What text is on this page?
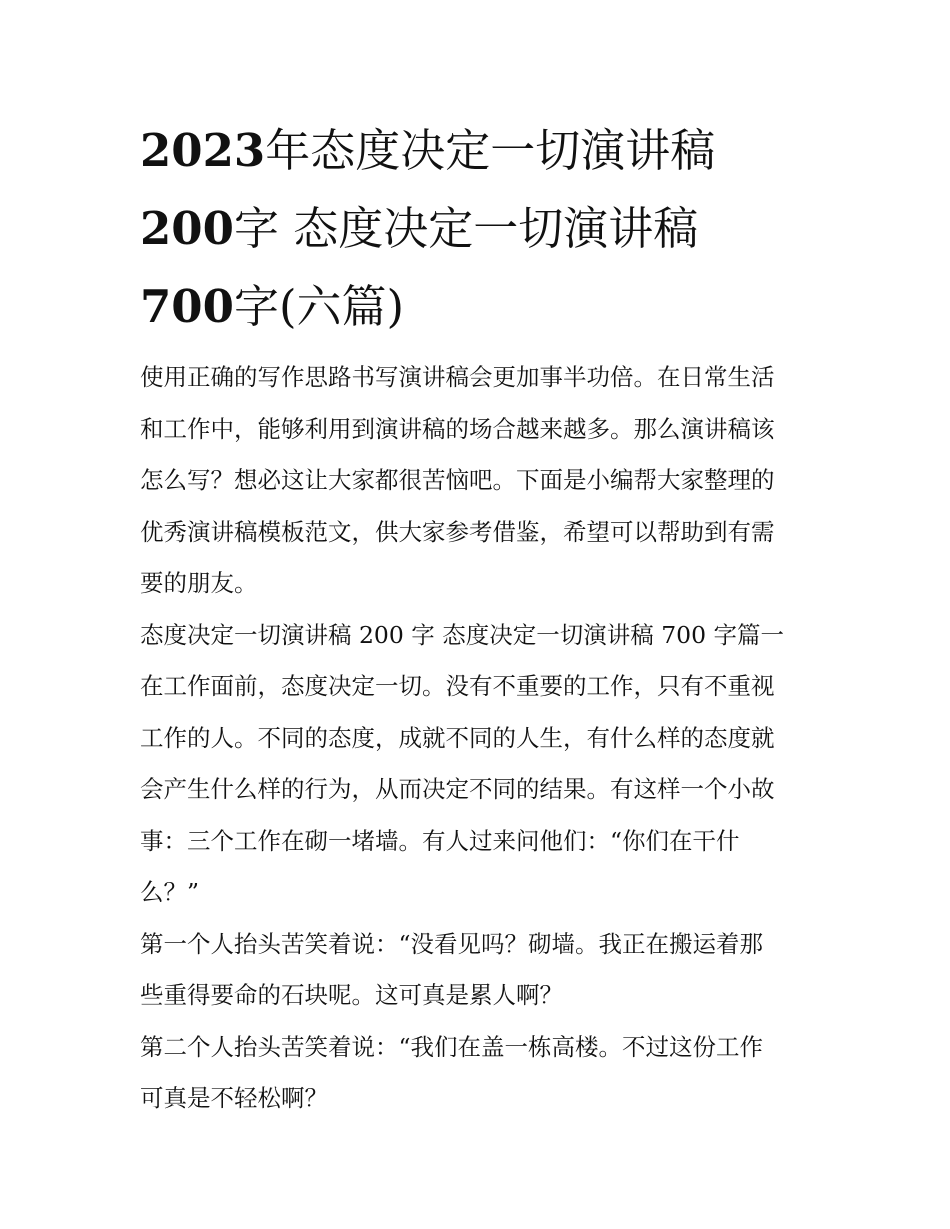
2023年态度决定一切演讲稿
200字 态度决定一切演讲稿
700字(六篇)
使用正确的写作思路书写演讲稿会更加事半功倍。在日常生活
和工作中，能够利用到演讲稿的场合越来越多。那么演讲稿该
怎么写？想必这让大家都很苦恼吧。下面是小编帮大家整理的
优秀演讲稿模板范文，供大家参考借鉴，希望可以帮助到有需
要的朋友。
态度决定一切演讲稿 200 字 态度决定一切演讲稿 700 字篇一
在工作面前，态度决定一切。没有不重要的工作，只有不重视
工作的人。不同的态度，成就不同的人生，有什么样的态度就
会产生什么样的行为，从而决定不同的结果。有这样一个小故
事：三个工作在砌一堵墙。有人过来问他们：“你们在干什
么？”
第一个人抬头苦笑着说：“没看见吗？砌墙。我正在搬运着那
些重得要命的石块呢。这可真是累人啊？
第二个人抬头苦笑着说：“我们在盖一栋高楼。不过这份工作
可真是不轻松啊？
